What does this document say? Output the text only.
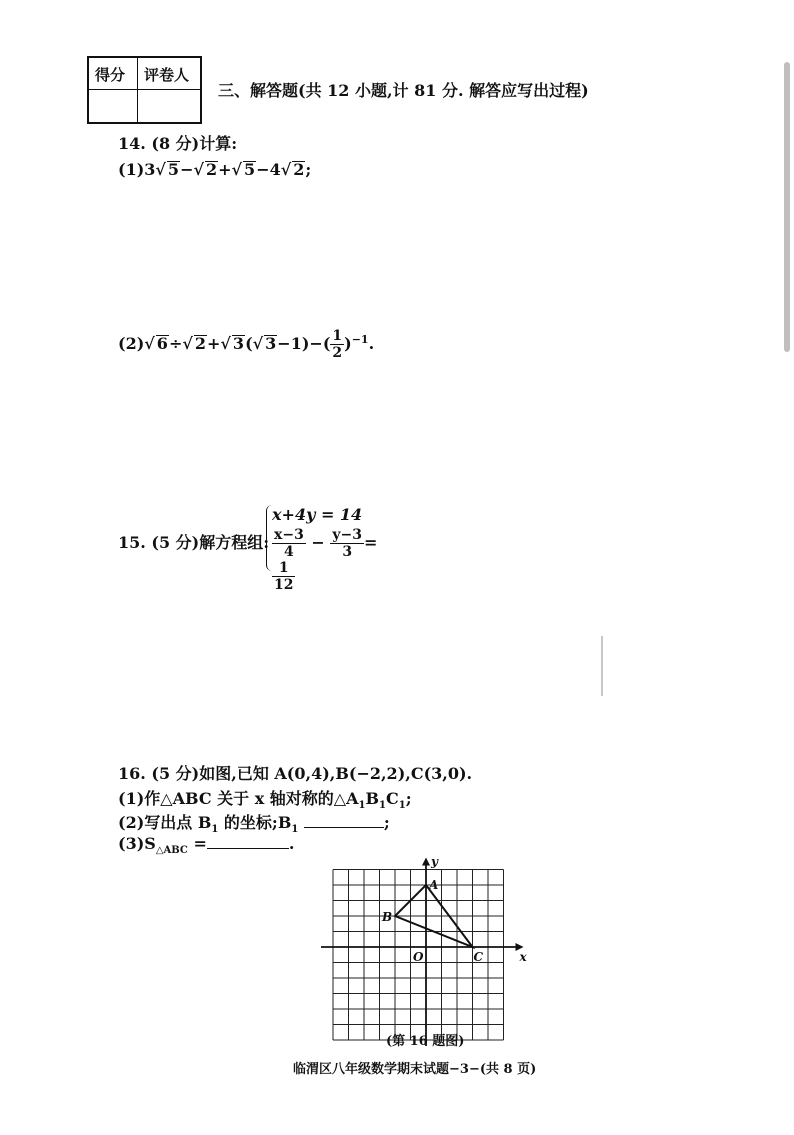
得分 评卷人
三、解答题(共 12 小题,计 81 分. 解答应写出过程)
14. (8 分)计算:
(1)3√ 5−√ 2+√ 5−4√ 2;
(2)√ 6÷√ 2+√ 3(√ $3-1)-( \frac{1}{2} )^{-1}$.
15. (5 分)解方程组:
x+4y = 14
$\frac{x-3}{4} - \frac{y-3}{3}$ =
$\frac{1}{12}$
16. (5 分)如图,已知 A(0,4),B(−2,2),C(3,0).
(1)作△ABC 关于 x 轴对称的$\triangle A_1B_1C_1$;
(2)写出点 $B_1$ 的坐标$;B_1$	;
$(3)S_{\triangle ABC}$ =	.
A
B
C
O	x
y
(第 16 题图)
临渭区八年级数学期末试题−3−(共 8 页)
